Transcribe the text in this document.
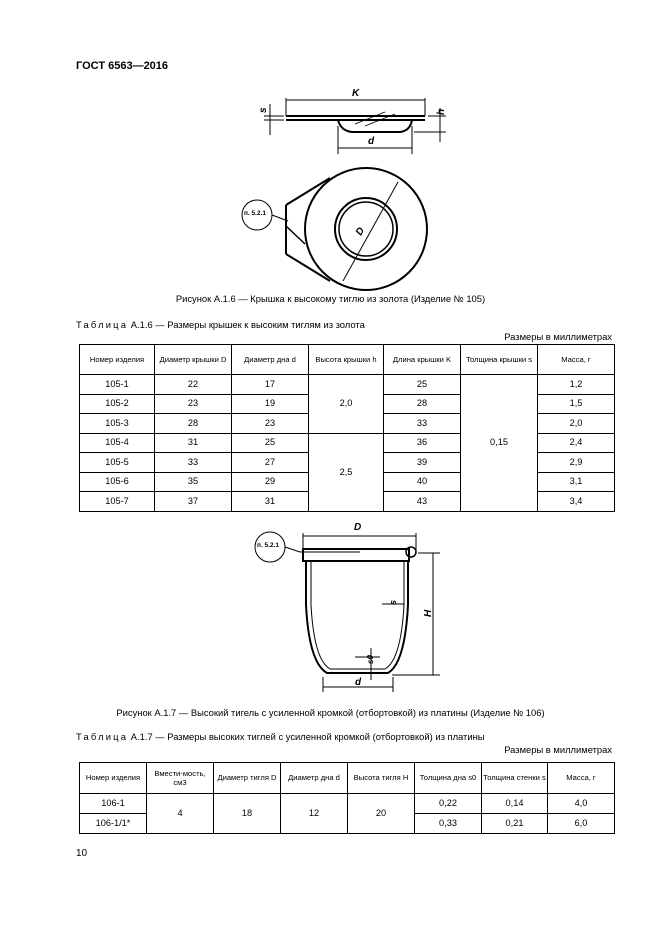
ГОСТ 6563—2016
K
d
h
s
D
п. 5.2.1
Рисунок А.1.6 — Крышка к высокому тиглю из золота (Изделие № 105)
Таблица А.1.6 — Размеры крышек к высоким тиглям из золота
Размеры в миллиметрах
Номер изделия	Диаметр крышки D	Диаметр дна d	Высота крышки h	Длина крышки K	Толщина крышки s	Масса, г
105-1	22	17	2,0	25	0,15	1,2
105-2	23	19		28		1,5
105-3	28	23		33		2,0
105-4	31	25	2,5	36		2,4
105-5	33	27		39		2,9
105-6	35	29		40		3,1
105-7	37	31		43		3,4
D
H
s
s0
d
п. 5.2.1
Рисунок А.1.7 — Высокий тигель с усиленной кромкой (отбортовкой) из платины (Изделие № 106)
Таблица А.1.7 — Размеры высоких тиглей с усиленной кромкой (отбортовкой) из платины
Размеры в миллиметрах
Номер изделия	Вмести-мость, см3	Диаметр тигля D	Диаметр дна d	Высота тигля H	Толщина дна s0	Толщина стенки s	Масса, г
106-1	4	18	12	20	0,22	0,14	4,0
106-1/1*					0,33	0,21	6,0
10
